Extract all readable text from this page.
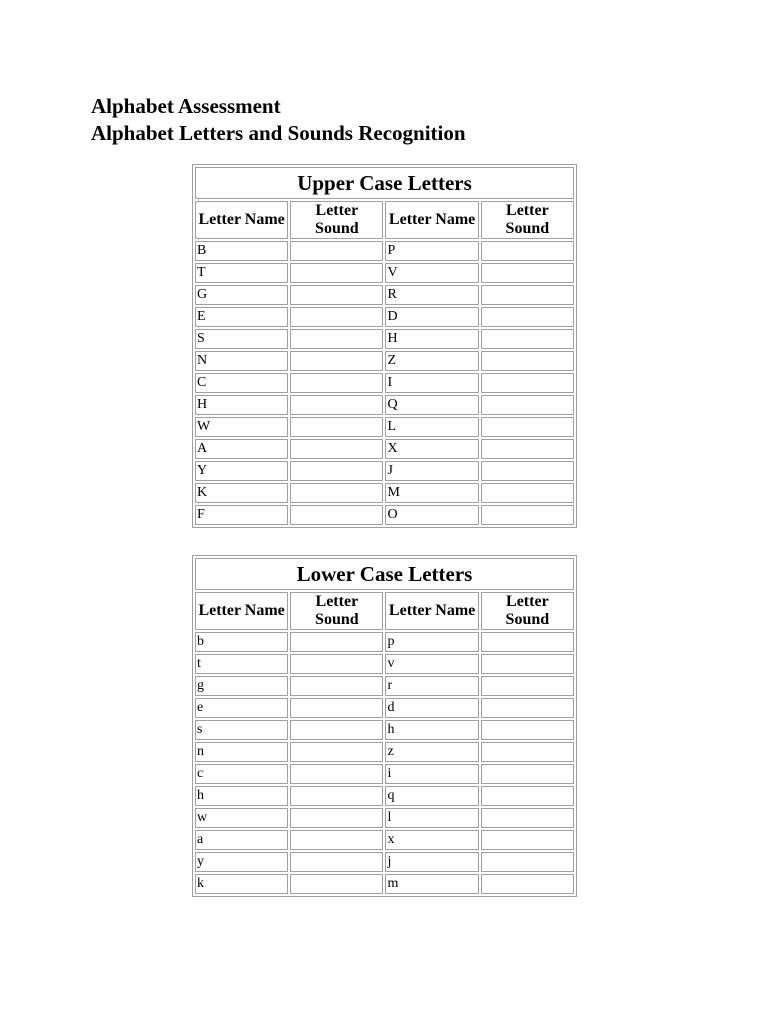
Alphabet Assessment
Alphabet Letters and Sounds Recognition
Upper Case Letters			
Letter Name	Letter Sound	Letter Name	Letter Sound
B		P	
T		V	
G		R	
E		D	
S		H	
N		Z	
C		I	
H		Q	
W		L	
A		X	
Y		J	
K		M	
F		O	
Lower Case Letters			
Letter Name	Letter Sound	Letter Name	Letter Sound
b		p	
t		v	
g		r	
e		d	
s		h	
n		z	
c		i	
h		q	
w		l	
a		x	
y		j	
k		m	
